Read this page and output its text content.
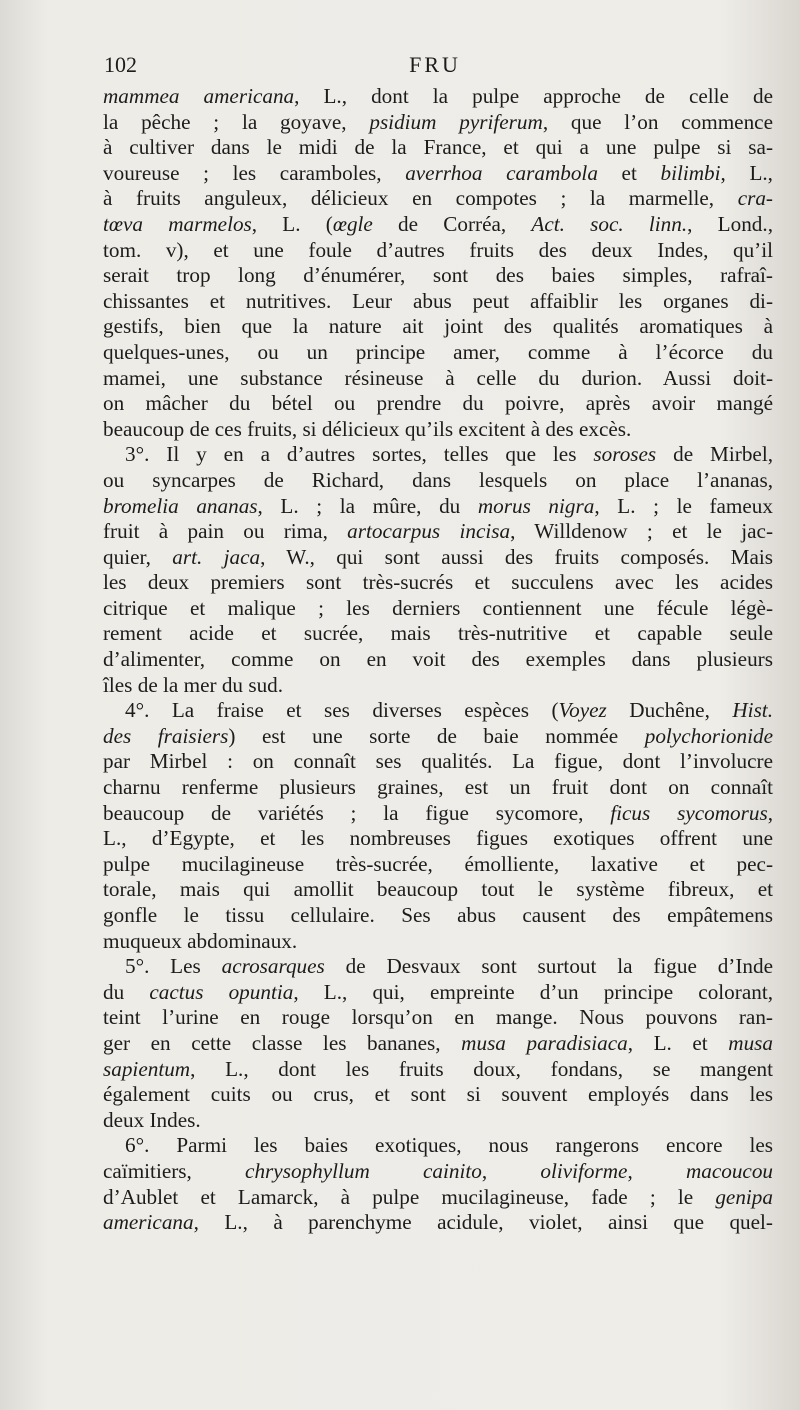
102	FRU
mammea americana, L., dont la pulpe approche de celle de
la pêche ; la goyave, psidium pyriferum, que l’on commence
à cultiver dans le midi de la France, et qui a une pulpe si sa-
voureuse ; les caramboles, averrhoa carambola et bilimbi, L.,
à fruits anguleux, délicieux en compotes ; la marmelle, cra-
tœva marmelos, L. (œgle de Corréa, Act. soc. linn., Lond.,
tom. v), et une foule d’autres fruits des deux Indes, qu’il
serait trop long d’énumérer, sont des baies simples, rafraî-
chissantes et nutritives. Leur abus peut affaiblir les organes di-
gestifs, bien que la nature ait joint des qualités aromatiques à
quelques-unes, ou un principe amer, comme à l’écorce du
mamei, une substance résineuse à celle du durion. Aussi doit-
on mâcher du bétel ou prendre du poivre, après avoir mangé
beaucoup de ces fruits, si délicieux qu’ils excitent à des excès.
3°. Il y en a d’autres sortes, telles que les soroses de Mirbel,
ou syncarpes de Richard, dans lesquels on place l’ananas,
bromelia ananas, L. ; la mûre, du morus nigra, L. ; le fameux
fruit à pain ou rima, artocarpus incisa, Willdenow ; et le jac-
quier, art. jaca, W., qui sont aussi des fruits composés. Mais
les deux premiers sont très-sucrés et succulens avec les acides
citrique et malique ; les derniers contiennent une fécule légè-
rement acide et sucrée, mais très-nutritive et capable seule
d’alimenter, comme on en voit des exemples dans plusieurs
îles de la mer du sud.
4°. La fraise et ses diverses espèces (Voyez Duchêne, Hist.
des fraisiers) est une sorte de baie nommée polychorionide
par Mirbel : on connaît ses qualités. La figue, dont l’involucre
charnu renferme plusieurs graines, est un fruit dont on connaît
beaucoup de variétés ; la figue sycomore, ficus sycomorus,
L., d’Egypte, et les nombreuses figues exotiques offrent une
pulpe mucilagineuse très-sucrée, émolliente, laxative et pec-
torale, mais qui amollit beaucoup tout le système fibreux, et
gonfle le tissu cellulaire. Ses abus causent des empâtemens
muqueux abdominaux.
5°. Les acrosarques de Desvaux sont surtout la figue d’Inde
du cactus opuntia, L., qui, empreinte d’un principe colorant,
teint l’urine en rouge lorsqu’on en mange. Nous pouvons ran-
ger en cette classe les bananes, musa paradisiaca, L. et musa
sapientum, L., dont les fruits doux, fondans, se mangent
également cuits ou crus, et sont si souvent employés dans les
deux Indes.
6°. Parmi les baies exotiques, nous rangerons encore les
caïmitiers, chrysophyllum cainito, oliviforme, macoucou
d’Aublet et Lamarck, à pulpe mucilagineuse, fade ; le genipa
americana, L., à parenchyme acidule, violet, ainsi que quel-
